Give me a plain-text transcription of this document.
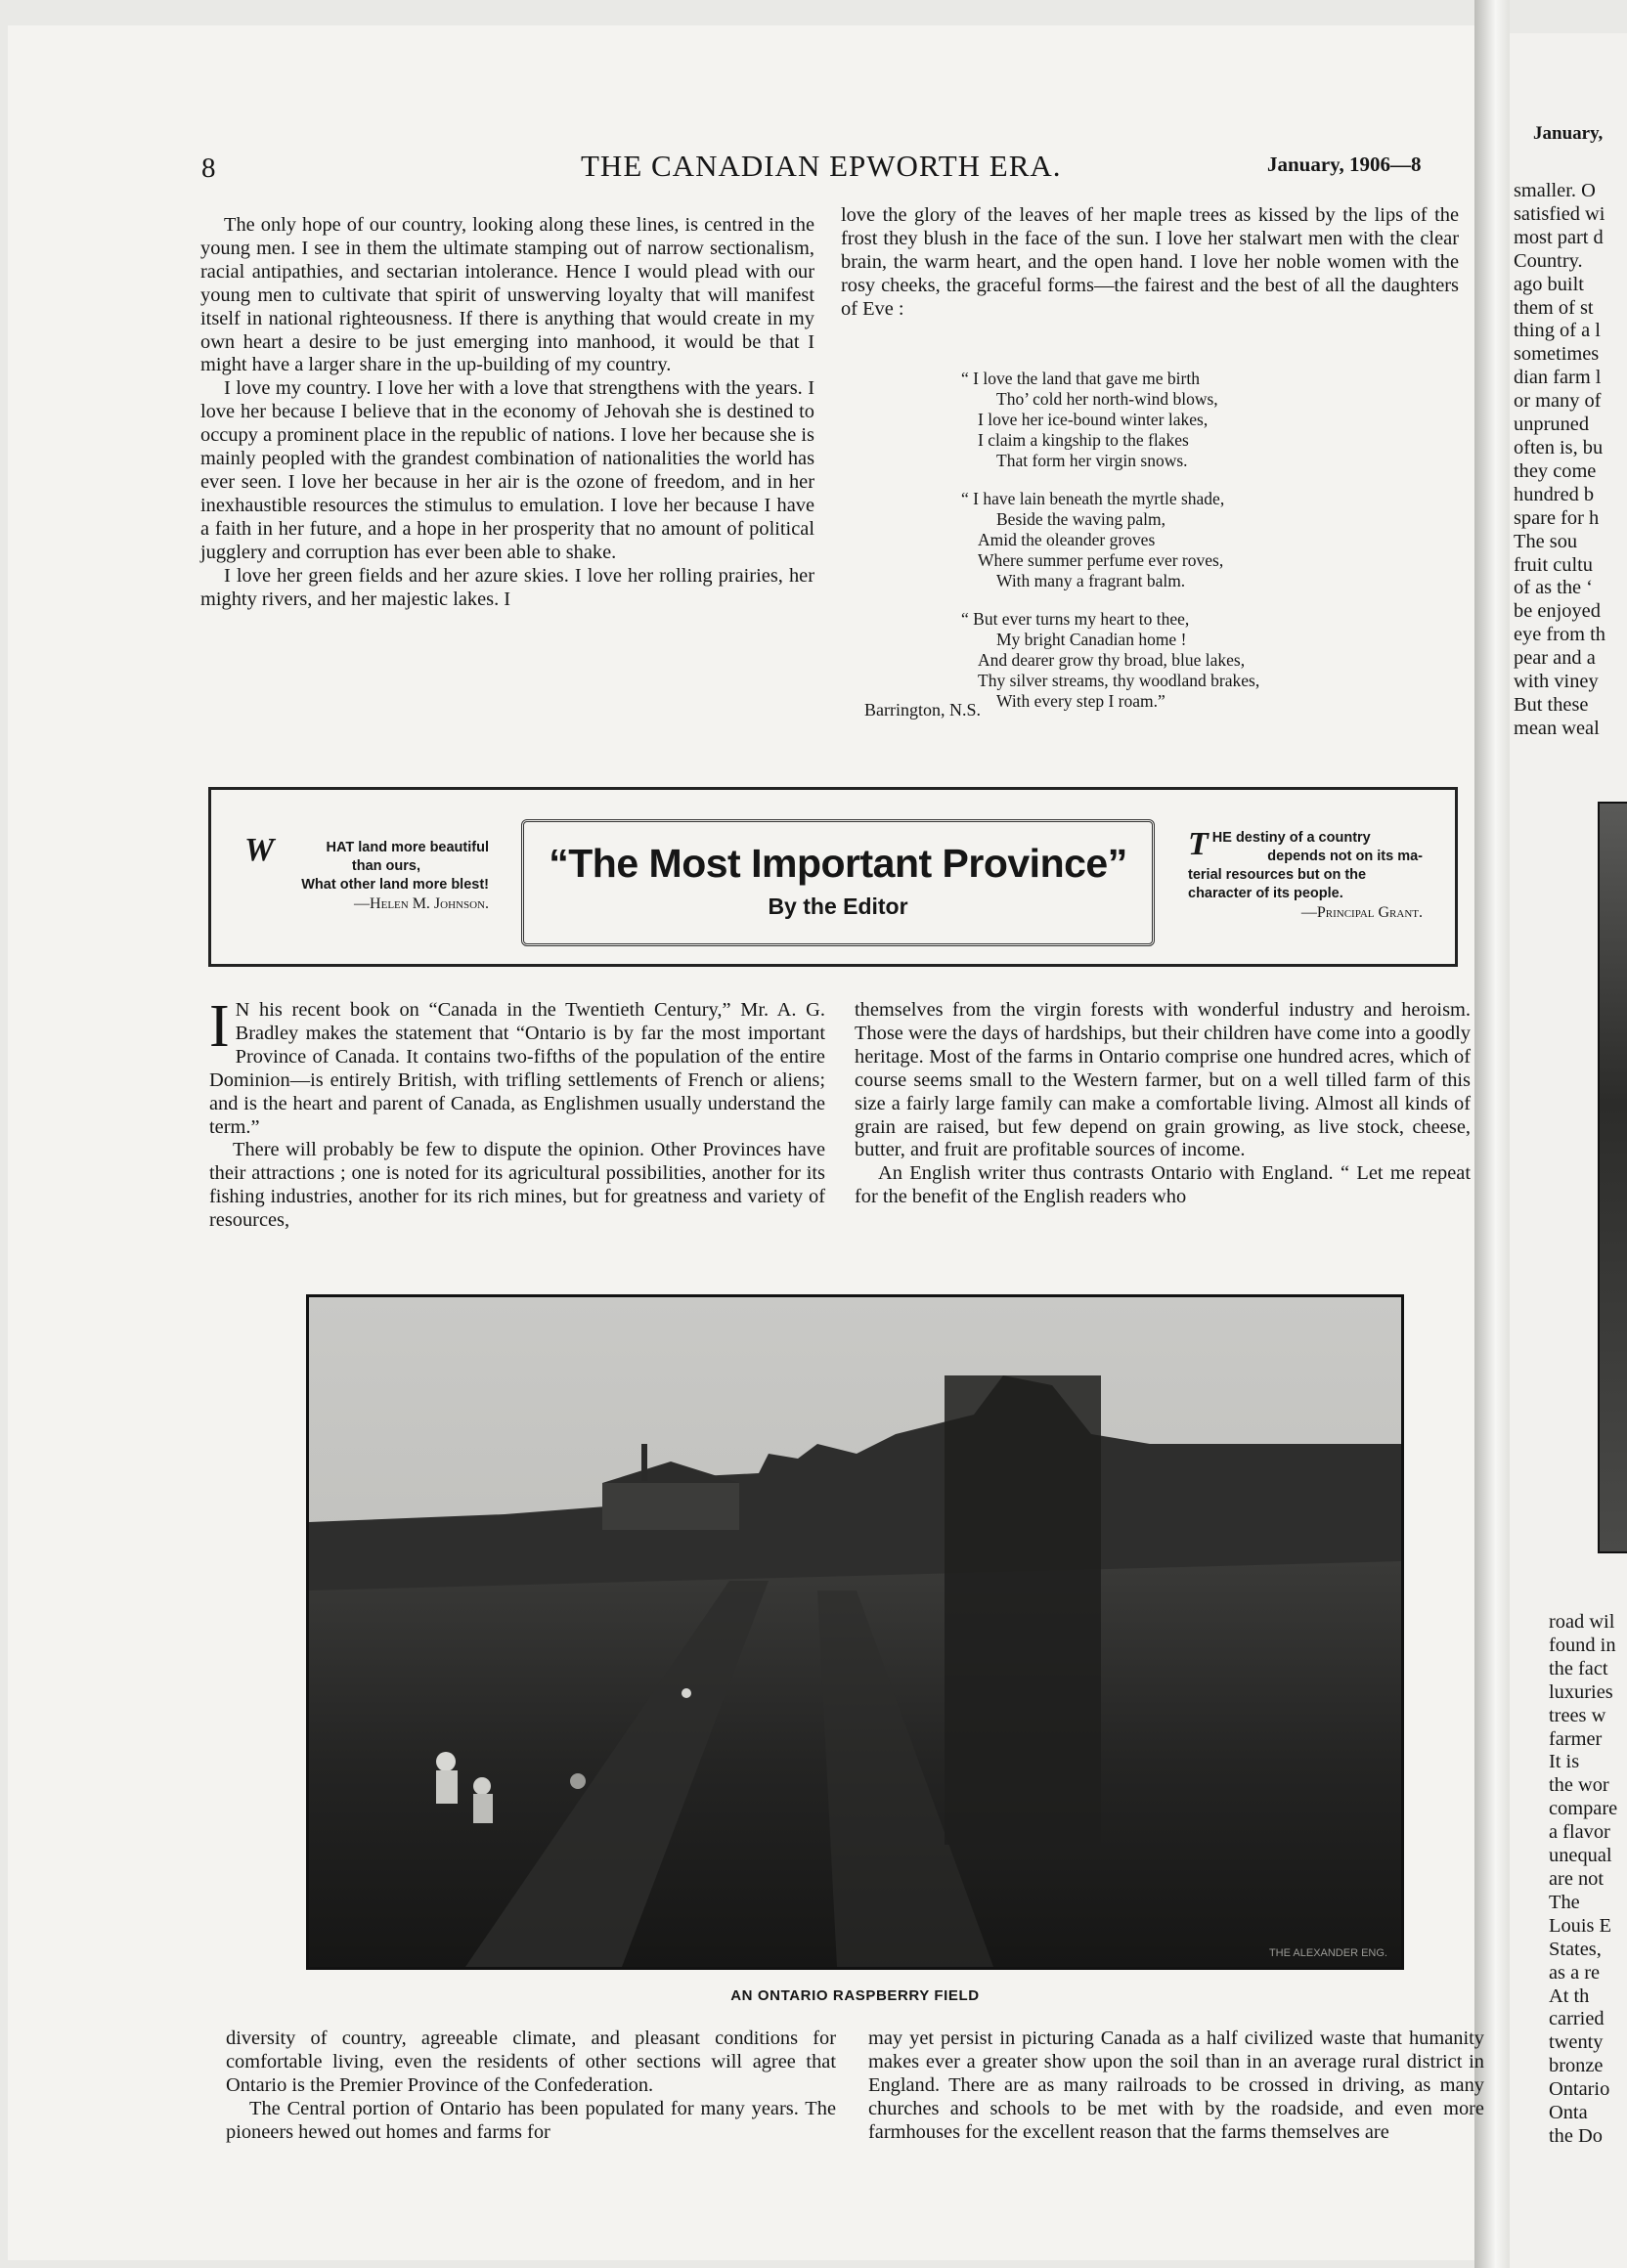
January,
smaller. O
satisfied wi
most part d
Country.
ago built
them of st
thing of a l
sometimes
dian farm l
or many of
unpruned
often is, bu
they come
hundred b
spare for h
The sou
fruit cultu
of as the ‘
be enjoyed
eye from th
pear and a
with viney
But these
mean weal
road wil
found in
the fact
luxuries
trees w
farmer
It is
the wor
compare
a flavor
unequal
are not
The
Louis E
States,
as a re
At th
carried
twenty
bronze
Ontario
Onta
the Do
8	THE CANADIAN EPWORTH ERA.	January, 1906—8

The only hope of our country, looking along these lines, is centred in the young men. I see in them the ultimate stamping out of narrow sectionalism, racial antipathies, and sectarian intolerance. Hence I would plead with our young men to cultivate that spirit of unswerving loyalty that will manifest itself in national righteousness. If there is anything that would create in my own heart a desire to be just emerging into manhood, it would be that I might have a larger share in the up-building of my country.

I love my country. I love her with a love that strengthens with the years. I love her because I believe that in the economy of Jehovah she is destined to occupy a prominent place in the republic of nations. I love her because she is mainly peopled with the grandest combination of nationalities the world has ever seen. I love her because in her air is the ozone of freedom, and in her inexhaustible resources the stimulus to emulation. I love her because I have a faith in her future, and a hope in her prosperity that no amount of political jugglery and corruption has ever been able to shake.

I love her green fields and her azure skies. I love her rolling prairies, her mighty rivers, and her majestic lakes. I

love the glory of the leaves of her maple trees as kissed by the lips of the frost they blush in the face of the sun. I love her stalwart men with the clear brain, the warm heart, and the open hand. I love her noble women with the rosy cheeks, the graceful forms—the fairest and the best of all the daughters of Eve :

“ I love the land that gave me birth
Tho’ cold her north-wind blows,
I love her ice-bound winter lakes,
I claim a kingship to the flakes
That form her virgin snows.
“ I have lain beneath the myrtle shade,
Beside the waving palm,
Amid the oleander groves
Where summer perfume ever roves,
With many a fragrant balm.
“ But ever turns my heart to thee,
My bright Canadian home !
And dearer grow thy broad, blue lakes,
Thy silver streams, thy woodland brakes,
With every step I roam.”
Barrington, N.S.
W	HAT land more beautiful
than ours,
What other land more blest!
—Helen M. Johnson.
“The Most Important Province”
By the Editor
THE destiny of a country
depends not on its ma-
terial resources but on the
character of its people.
—Principal Grant.

I N his recent book on “Canada in the Twentieth Century,” Mr. A. G. Bradley makes the statement that “Ontario is by far the most important Province of Canada. It contains two-fifths of the population of the entire Dominion—is entirely British, with trifling settlements of French or aliens; and is the heart and parent of Canada, as Englishmen usually understand the term.”

There will probably be few to dispute the opinion. Other Provinces have their attractions ; one is noted for its agricultural possibilities, another for its fishing industries, another for its rich mines, but for greatness and variety of resources,

themselves from the virgin forests with wonderful industry and heroism. Those were the days of hardships, but their children have come into a goodly heritage. Most of the farms in Ontario comprise one hundred acres, which of course seems small to the Western farmer, but on a well tilled farm of this size a fairly large family can make a comfortable living. Almost all kinds of grain are raised, but few depend on grain growing, as live stock, cheese, butter, and fruit are profitable sources of income.

An English writer thus contrasts Ontario with England. “ Let me repeat for the benefit of the English readers who

THE ALEXANDER ENG.
AN ONTARIO RASPBERRY FIELD

diversity of country, agreeable climate, and pleasant conditions for comfortable living, even the residents of other sections will agree that Ontario is the Premier Province of the Confederation.

The Central portion of Ontario has been populated for many years. The pioneers hewed out homes and farms for

may yet persist in picturing Canada as a half civilized waste that humanity makes ever a greater show upon the soil than in an average rural district in England. There are as many railroads to be crossed in driving, as many churches and schools to be met with by the roadside, and even more farmhouses for the excellent reason that the farms themselves are
